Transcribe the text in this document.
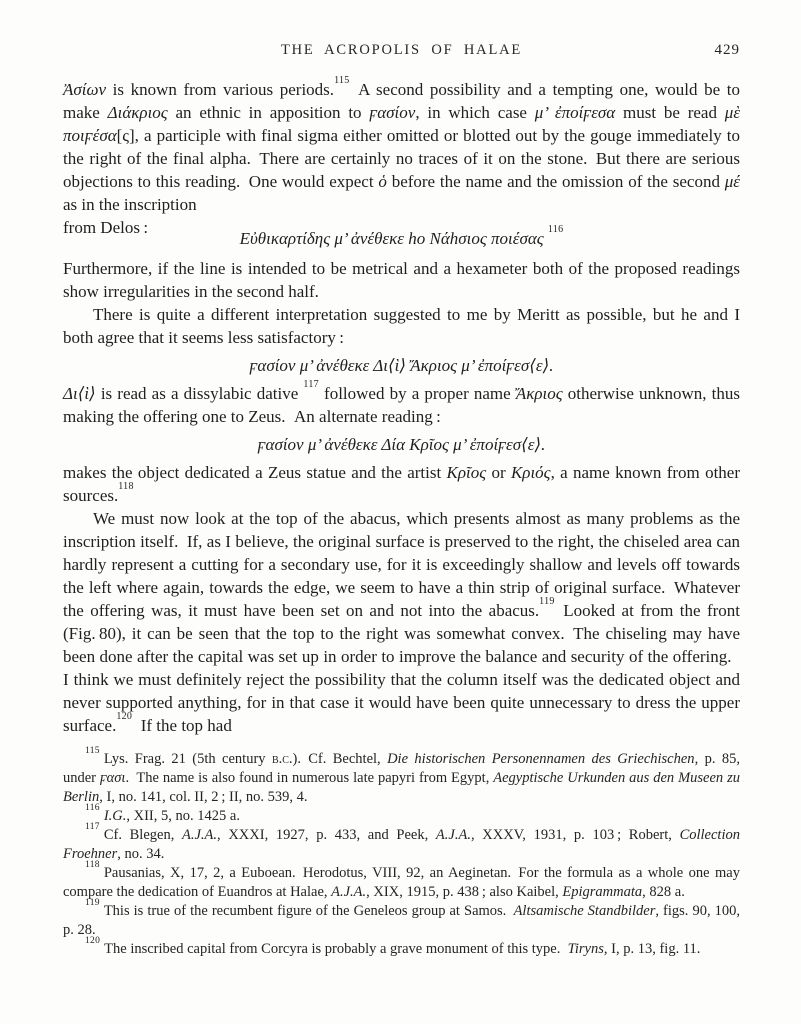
THE ACROPOLIS OF HALAE	429

Ἀσίων is known from various periods.$^{115}$ A second possibility and a tempting one, would be to make Διάκριος an ethnic in apposition to ϝασίον, in which case μ’ ἐποίϝεσα must be read μὲ ποιϝέσα[ς], a participle with final sigma either omitted or blotted out by the gouge immediately to the right of the final alpha. There are certainly no traces of it on the stone. But there are serious objections to this reading. One would expect ὁ before the name and the omission of the second μέ as in the inscription

from Delos :
Εὐθικαρτίδης μ’ ἀνέθεκε hο Νάhσιος ποιέσας $^{116}$

Furthermore, if the line is intended to be metrical and a hexameter both of the proposed readings show irregularities in the second half.

There is quite a different interpretation suggested to me by Meritt as possible, but he and I both agree that it seems less satisfactory :

ϝασίον μ’ ἀνέθεκε Δι⟨ὶ⟩ Ἄκριος μ’ ἐποίϝεσ⟨ε⟩.

Δι⟨ὶ⟩ is read as a dissylabic dative $^{117}$ followed by a proper name Ἄκριος otherwise unknown, thus making the offering one to Zeus. An alternate reading :

ϝασίον μ’ ἀνέθεκε Δία Κρῖος μ’ ἐποίϝεσ⟨ε⟩.

makes the object dedicated a Zeus statue and the artist Κρῖος or Κριός, a name known from other sources.$^{118}$

We must now look at the top of the abacus, which presents almost as many problems as the inscription itself. If, as I believe, the original surface is preserved to the right, the chiseled area can hardly represent a cutting for a secondary use, for it is exceedingly shallow and levels off towards the left where again, towards the edge, we seem to have a thin strip of original surface. Whatever the offering was, it must have been set on and not into the abacus.$^{119}$ Looked at from the front (Fig. 80), it can be seen that the top to the right was somewhat convex. The chiseling may have been done after the capital was set up in order to improve the balance and security of the offering. I think we must definitely reject the possibility that the column itself was the dedicated object and never supported anything, for in that case it would have been quite unnecessary to dress the upper surface.$^{120}$ If the top had

$^{115}$ Lys. Frag. 21 (5th century b.c.). Cf. Bechtel, Die historischen Personennamen des Griechischen, p. 85, under ϝασι. The name is also found in numerous late papyri from Egypt, Aegyptische Urkunden aus den Museen zu Berlin, I, no. 141, col. II, 2 ; II, no. 539, 4.

$^{116}$ I.G., XII, 5, no. 1425 a.

$^{117}$ Cf. Blegen, A.J.A., XXXI, 1927, p. 433, and Peek, A.J.A., XXXV, 1931, p. 103 ; Robert, Collection Froehner, no. 34.

$^{118}$ Pausanias, X, 17, 2, a Euboean. Herodotus, VIII, 92, an Aeginetan. For the formula as a whole one may compare the dedication of Euandros at Halae, A.J.A., XIX, 1915, p. 438 ; also Kaibel, Epigrammata, 828 a.

$^{119}$ This is true of the recumbent figure of the Geneleos group at Samos. Altsamische Standbilder, figs. 90, 100, p. 28.

$^{120}$ The inscribed capital from Corcyra is probably a grave monument of this type. Tiryns, I, p. 13, fig. 11.
